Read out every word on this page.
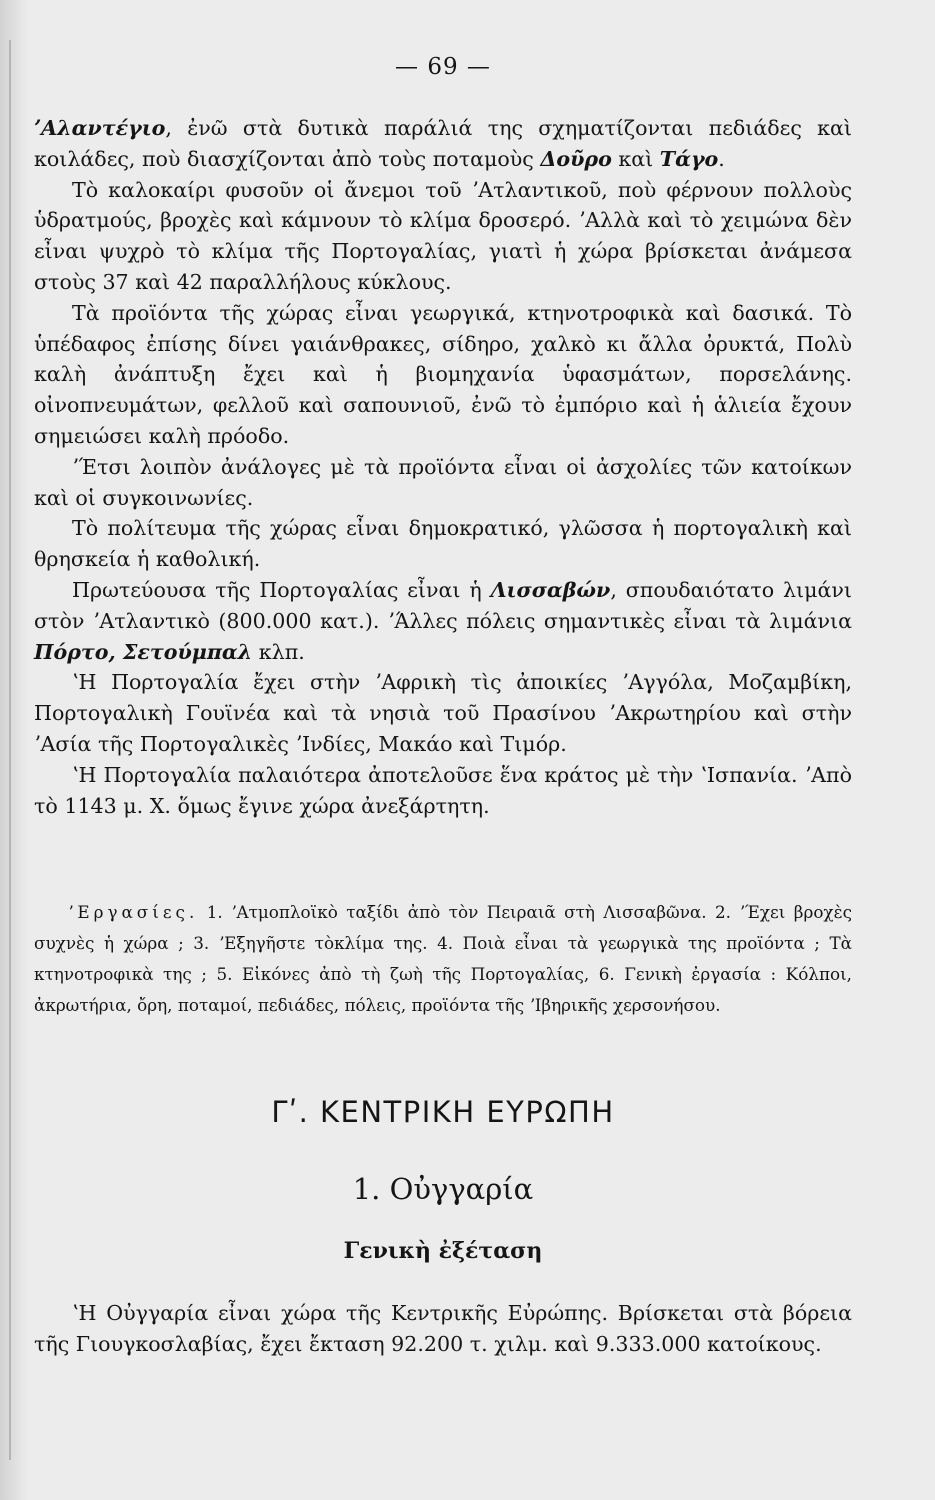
— 69 —

ʼΑλαντέγιο, ἐνῶ στὰ δυτικὰ παράλιά της σχηματίζονται πεδιάδες καὶ κοιλάδες, ποὺ διασχίζονται ἀπὸ τοὺς ποταμοὺς Δοῦρο καὶ Τάγο.

Τὸ καλοκαίρι φυσοῦν οἱ ἄνεμοι τοῦ ʼΑτλαντικοῦ, ποὺ φέρνουν πολλοὺς ὑδρατμούς, βροχὲς καὶ κάμνουν τὸ κλίμα δροσερό. ʼΑλλὰ καὶ τὸ χειμώνα δὲν εἶναι ψυχρὸ τὸ κλίμα τῆς Πορτογαλίας, γιατὶ ἡ χώρα βρίσκεται ἀνάμεσα στοὺς 37 καὶ 42 παραλλήλους κύκλους.

Τὰ προϊόντα τῆς χώρας εἶναι γεωργικά, κτηνοτροφικὰ καὶ δασικά. Τὸ ὑπέδαφος ἐπίσης δίνει γαιάνθρακες, σίδηρο, χαλκὸ κι ἄλλα ὀρυκτά, Πολὺ καλὴ ἀνάπτυξη ἔχει καὶ ἡ βιομηχανία ὑφασμάτων, πορσελάνης. οἰνοπνευμάτων, φελλοῦ καὶ σαπουνιοῦ, ἐνῶ τὸ ἐμπόριο καὶ ἡ ἁλιεία ἔχουν σημειώσει καλὴ πρόοδο.

ʼΈτσι λοιπὸν ἀνάλογες μὲ τὰ προϊόντα εἶναι οἱ ἀσχολίες τῶν κατοίκων καὶ οἱ συγκοινωνίες.

Τὸ πολίτευμα τῆς χώρας εἶναι δημοκρατικό, γλῶσσα ἡ πορτογαλικὴ καὶ θρησκεία ἡ καθολική.

Πρωτεύουσα τῆς Πορτογαλίας εἶναι ἡ Λισσαβών, σπουδαιότατο λιμάνι στὸν ʼΑτλαντικὸ (800.000 κατ.). ʼΆλλες πόλεις σημαντικὲς εἶναι τὰ λιμάνια Πόρτο, Σετούμπαλ κλπ.

ʽΗ Πορτογαλία ἔχει στὴν ʼΑφρικὴ τὶς ἀποικίες ʼΑγγόλα, Μοζαμβίκη, Πορτογαλικὴ Γουϊνέα καὶ τὰ νησιὰ τοῦ Πρασίνου ʼΑκρωτηρίου καὶ στὴν ʼΑσία τῆς Πορτογαλικὲς ʼΙνδίες, Μακάο καὶ Τιμόρ.

ʽΗ Πορτογαλία παλαιότερα ἀποτελοῦσε ἕνα κράτος μὲ τὴν ʽΙσπανία. ʼΑπὸ τὸ 1143 μ. Χ. ὅμως ἔγινε χώρα ἀνεξάρτητη.

ʼΕργασίες. 1. ʼΑτμοπλοϊκὸ ταξίδι ἀπὸ τὸν Πειραιᾶ στὴ Λισσαβῶνα. 2. ʼΈχει βροχὲς συχνὲς ἡ χώρα ; 3. ʼΕξηγῆστε τὸκλίμα της. 4. Ποιὰ εἶναι τὰ γεωργικὰ της προϊόντα ; Τὰ κτηνοτροφικὰ της ; 5. Εἰκόνες ἀπὸ τὴ ζωὴ τῆς Πορτογαλίας, 6. Γενικὴ ἐργασία : Κόλποι, ἀκρωτήρια, ὄρη, ποταμοί, πεδιάδες, πόλεις, προϊόντα τῆς ʼΙβηρικῆς χερσονήσου.

Γʹ. ΚΕΝΤΡΙΚΗ ΕΥΡΩΠΗ
1. Οὐγγαρία
Γενικὴ ἐξέταση

ʽΗ Οὐγγαρία εἶναι χώρα τῆς Κεντρικῆς Εὐρώπης. Βρίσκεται στὰ βόρεια τῆς Γιουγκοσλαβίας, ἔχει ἔκταση 92.200 τ. χιλμ. καὶ 9.333.000 κατοίκους.
